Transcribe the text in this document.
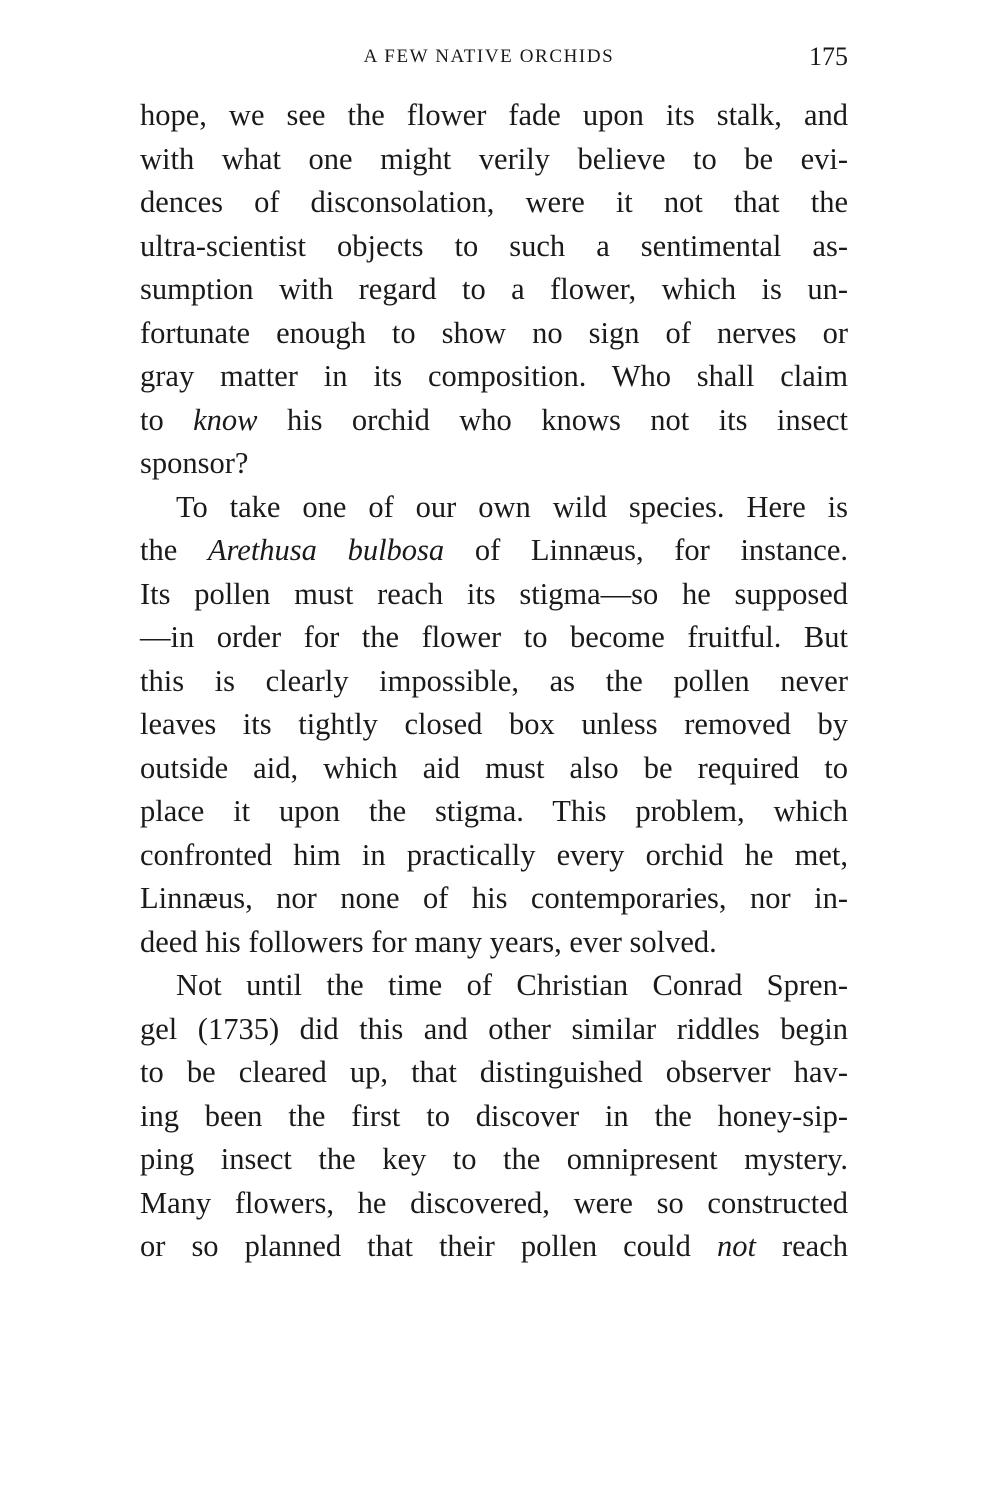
A FEW NATIVE ORCHIDS	175
hope, we see the flower fade upon its stalk, and
with what one might verily believe to be evi-
dences of disconsolation, were it not that the
ultra-scientist objects to such a sentimental as-
sumption with regard to a flower, which is un-
fortunate enough to show no sign of nerves or
gray matter in its composition. Who shall claim
to know his orchid who knows not its insect
sponsor?
To take one of our own wild species. Here is
the Arethusa bulbosa of Linnæus, for instance.
Its pollen must reach its stigma—so he supposed
—in order for the flower to become fruitful. But
this is clearly impossible, as the pollen never
leaves its tightly closed box unless removed by
outside aid, which aid must also be required to
place it upon the stigma. This problem, which
confronted him in practically every orchid he met,
Linnæus, nor none of his contemporaries, nor in-
deed his followers for many years, ever solved.
Not until the time of Christian Conrad Spren-
gel (1735) did this and other similar riddles begin
to be cleared up, that distinguished observer hav-
ing been the first to discover in the honey-sip-
ping insect the key to the omnipresent mystery.
Many flowers, he discovered, were so constructed
or so planned that their pollen could not reach
